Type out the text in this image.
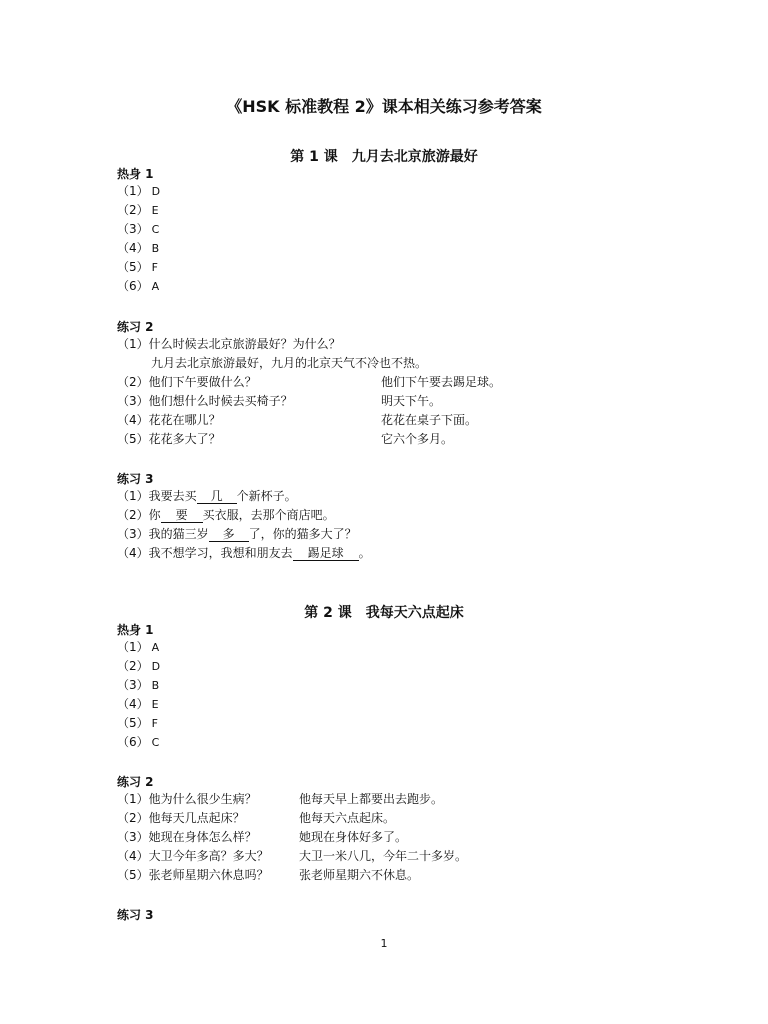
《HSK 标准教程 2》课本相关练习参考答案
第 1 课　九月去北京旅游最好
热身 1
（1） D
（2） E
（3） C
（4） B
（5） F
（6） A
练习 2
（1）什么时候去北京旅游最好？为什么？
九月去北京旅游最好，九月的北京天气不冷也不热。
（2）他们下午要做什么？	他们下午要去踢足球。
（3）他们想什么时候去买椅子？	明天下午。
（4）花花在哪儿？	花花在桌子下面。
（5）花花多大了？	它六个多月。
练习 3
（1）我要去买 几 个新杯子。
（2）你 要 买衣服，去那个商店吧。
（3）我的猫三岁 多 了，你的猫多大了？
（4）我不想学习，我想和朋友去 踢足球 。
第 2 课　我每天六点起床
热身 1
（1） A
（2） D
（3） B
（4） E
（5） F
（6） C
练习 2
（1）他为什么很少生病？	他每天早上都要出去跑步。
（2）他每天几点起床？	他每天六点起床。
（3）她现在身体怎么样？	她现在身体好多了。
（4）大卫今年多高？多大？	大卫一米八几，今年二十多岁。
（5）张老师星期六休息吗？	张老师星期六不休息。
练习 3
1
